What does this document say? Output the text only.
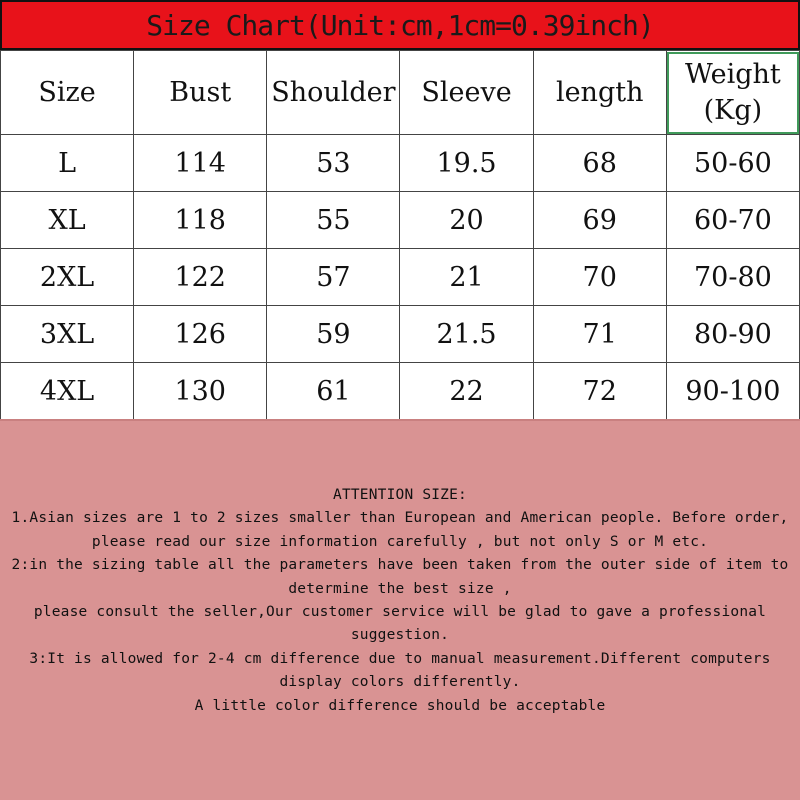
Size Chart(Unit:cm,1cm=0.39inch)
Size	Bust	Shoulder	Sleeve	length	Weight
(Kg)

L	114	53	19.5	68	50-60
XL	118	55	20	69	60-70
2XL	122	57	21	70	70-80
3XL	126	59	21.5	71	80-90
4XL	130	61	22	72	90-100
ATTENTION SIZE:
1.Asian sizes are 1 to 2 sizes smaller than European and American people. Before order,
please read our size information carefully , but not only S or M etc.
2:in the sizing table all the parameters have been taken from the outer side of item to
determine the best size ,
please consult the seller,Our customer service will be glad to gave a professional
suggestion.
3:It is allowed for 2-4 cm difference due to manual measurement.Different computers
display colors differently.
A little color difference should be acceptable
